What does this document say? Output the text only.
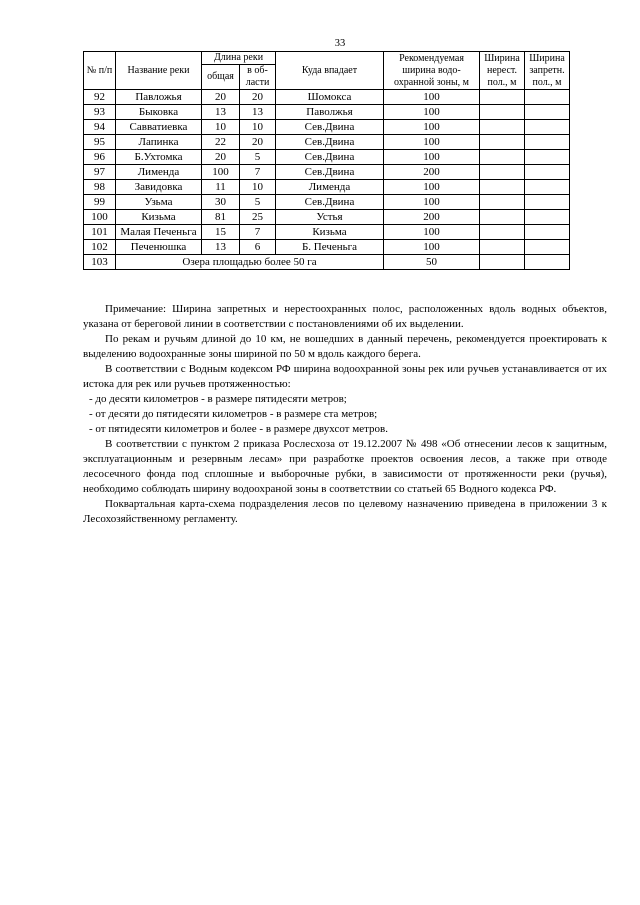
33
№ п/п	Название реки	Длина реки		Куда впадает	Рекомендуемая ширина водо-охранной зоны, м	Ширина нерест. пол., м	Ширина запретн. пол., м
		общая	в об-ласти				
92	Павложья	20	20	Шомокса	100		
93	Быковка	13	13	Паволжья	100		
94	Савватиевка	10	10	Сев.Двина	100		
95	Лапинка	22	20	Сев.Двина	100		
96	Б.Ухтомка	20	5	Сев.Двина	100		
97	Лименда	100	7	Сев.Двина	200		
98	Завидовка	11	10	Лименда	100		
99	Узьма	30	5	Сев.Двина	100		
100	Кизьма	81	25	Устья	200		
101	Малая Печеньга	15	7	Кизьма	100		
102	Печенюшка	13	6	Б. Печеньга	100		
103	Озера площадью более 50 га				50		

Примечание: Ширина запретных и нерестоохранных полос, расположенных вдоль водных объектов, указана от береговой линии в соответствии с постановлениями об их выделении.

По рекам и ручьям длиной до 10 км, не вошедших в данный перечень, рекомендуется проектировать к выделению водоохранные зоны шириной по 50 м вдоль каждого берега.

В соответствии с Водным кодексом РФ ширина водоохранной зоны рек или ручьев устанавливается от их истока для рек или ручьев протяженностью:

- до десяти километров - в размере пятидесяти метров;

- от десяти до пятидесяти километров - в размере ста метров;

- от пятидесяти километров и более - в размере двухсот метров.

В соответствии с пунктом 2 приказа Рослесхоза от 19.12.2007 № 498 «Об отнесении лесов к защитным, эксплуатационным и резервным лесам» при разработке проектов освоения лесов, а также при отводе лесосечного фонда под сплошные и выборочные рубки, в зависимости от протяженности реки (ручья), необходимо соблюдать ширину водоохраной зоны в соответствии со статьей 65 Водного кодекса РФ.

Поквартальная карта-схема подразделения лесов по целевому назначению приведена в приложении 3 к Лесохозяйственному регламенту.
